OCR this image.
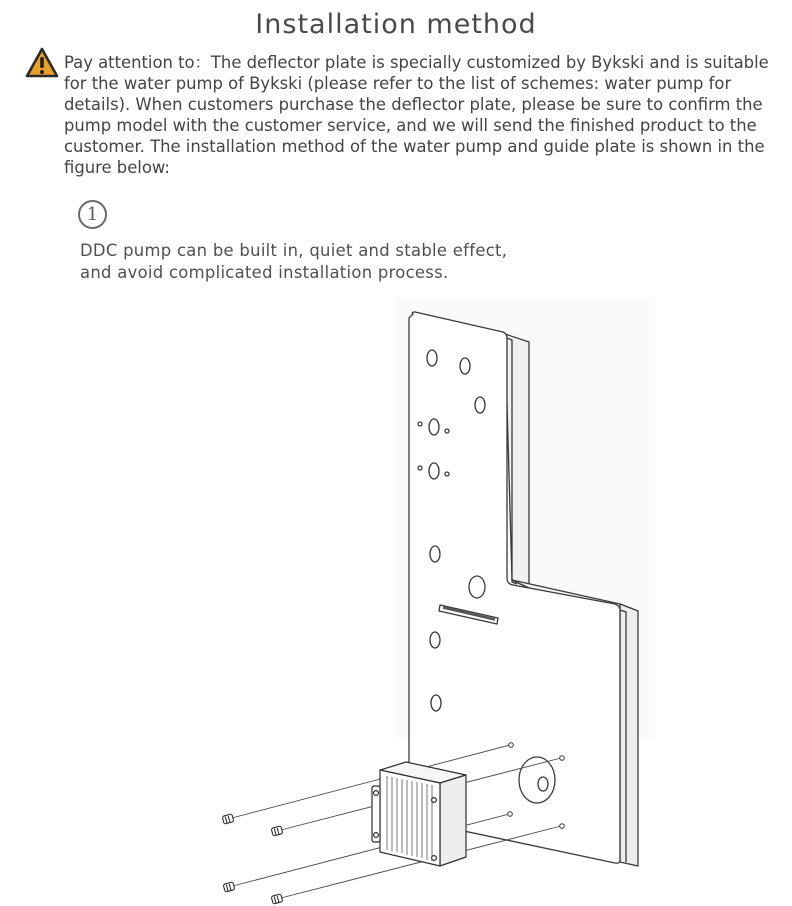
Installation method

Pay attention to：The deflector plate is specially customized by Bykski and is suitable for the water pump of Bykski (please refer to the list of schemes: water pump for details). When customers purchase the deflector plate, please be sure to confirm the pump model with the customer service, and we will send the finished product to the customer. The installation method of the water pump and guide plate is shown in the figure below:

1
DDC pump can be built in, quiet and stable effect,
and avoid complicated installation process.
